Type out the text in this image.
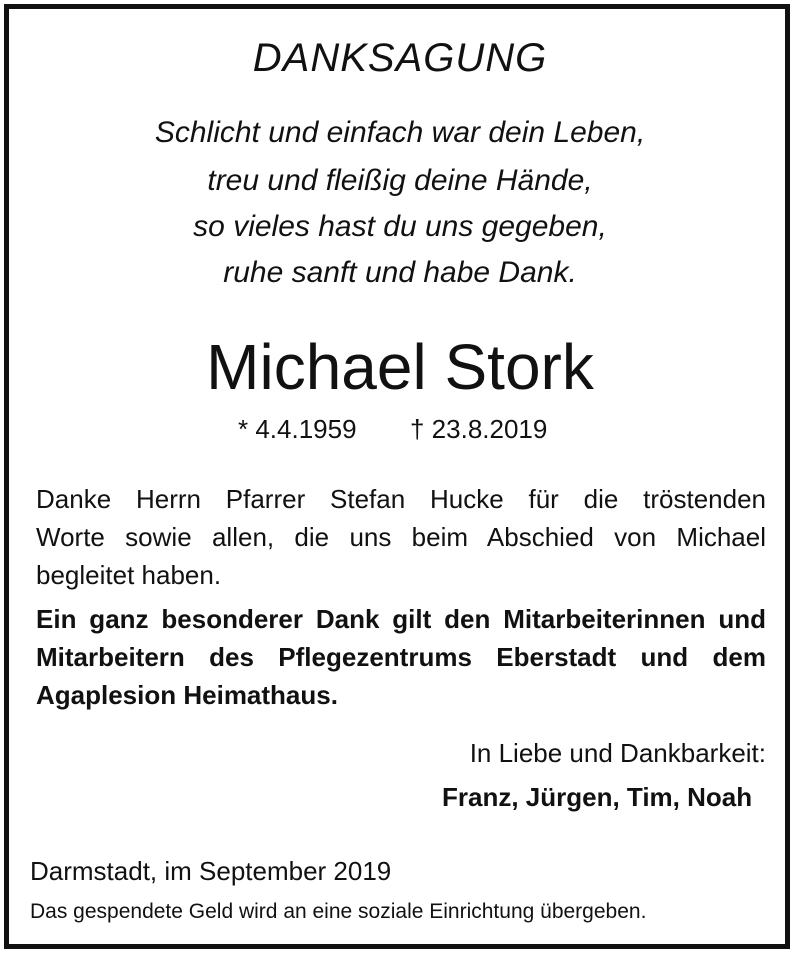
DANKSAGUNG
Schlicht und einfach war dein Leben,
treu und fleißig deine Hände,
so vieles hast du uns gegeben,
ruhe sanft und habe Dank.
Michael Stork
* 4.4.1959 † 23.8.2019
Danke Herrn Pfarrer Stefan Hucke für die tröstenden
Worte sowie allen, die uns beim Abschied von Michael
begleitet haben.
Ein ganz besonderer Dank gilt den Mitarbeiterinnen und
Mitarbeitern des Pflegezentrums Eberstadt und dem
Agaplesion Heimathaus.
In Liebe und Dankbarkeit:
Franz, Jürgen, Tim, Noah
Darmstadt, im September 2019
Das gespendete Geld wird an eine soziale Einrichtung übergeben.
